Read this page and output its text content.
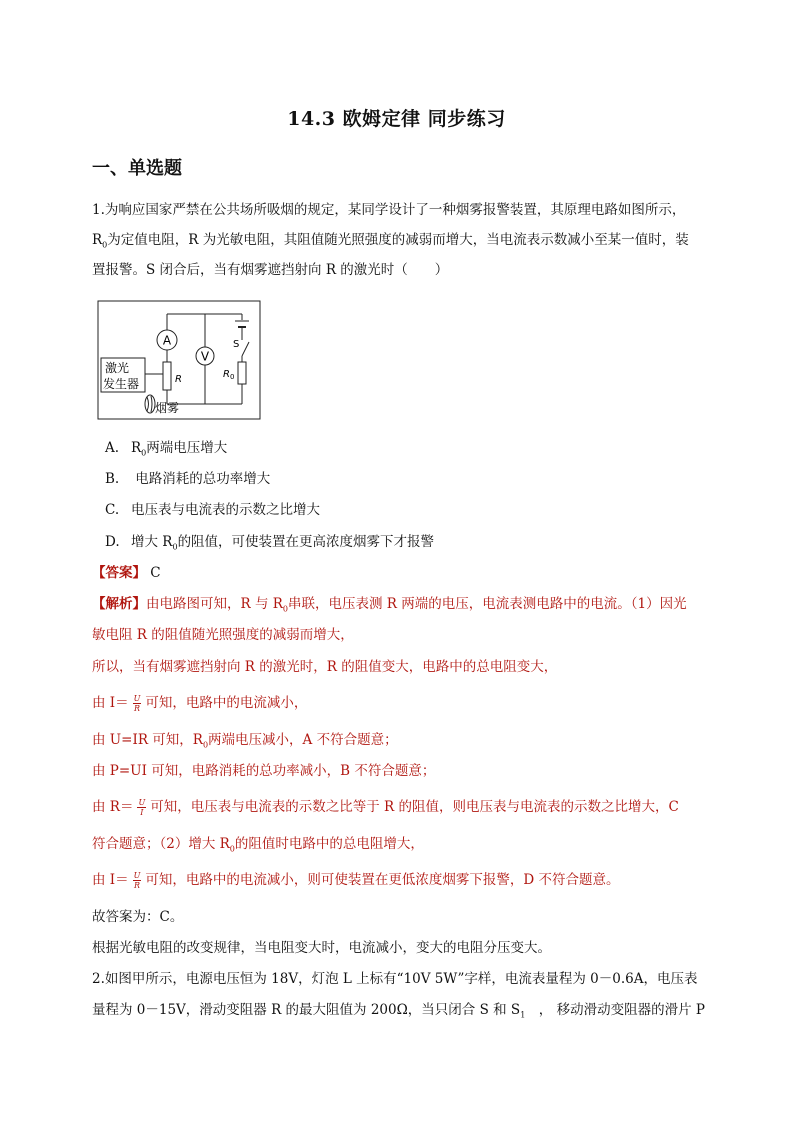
14.3 欧姆定律 同步练习
一、单选题
1.为响应国家严禁在公共场所吸烟的规定，某同学设计了一种烟雾报警装置，其原理电路如图所示，
$R_0$为定值电阻，R 为光敏电阻，其阻值随光照强度的减弱而增大，当电流表示数减小至某一值时，装
置报警。S 闭合后，当有烟雾遮挡射向 R 的激光时（　　）
A
V
R	$R_0$
S
激光
发生器
烟雾
A. $R_0$两端电压增大
B. 电路消耗的总功率增大
C. 电压表与电流表的示数之比增大
D. 增大 $R_0$的阻值，可使装置在更高浓度烟雾下才报警
【答案】 C
【解析】由电路图可知，R 与 $R_0$串联，电压表测 R 两端的电压，电流表测电路中的电流。（1）因光
敏电阻 R 的阻值随光照强度的减弱而增大，
所以，当有烟雾遮挡射向 R 的激光时，R 的阻值变大，电路中的总电阻变大，
由 $I= \frac{U}{R}$ 可知，电路中的电流减小，
由 U=IR 可知，$R_0$两端电压减小，A 不符合题意；
由 P=UI 可知，电路消耗的总功率减小，B 不符合题意；
由 $R= \frac{U}{I}$ 可知，电压表与电流表的示数之比等于 R 的阻值，则电压表与电流表的示数之比增大，C
符合题意；（2）增大 $R_0$的阻值时电路中的总电阻增大，
由 $I= \frac{U}{R}$ 可知，电路中的电流减小，则可使装置在更低浓度烟雾下报警，D 不符合题意。
故答案为：C。
根据光敏电阻的改变规律，当电阻变大时，电流减小，变大的电阻分压变大。
2.如图甲所示，电源电压恒为 18V，灯泡 L 上标有“10V 5W”字样，电流表量程为 0－0.6A，电压表
量程为 0－15V，滑动变阻器 R 的最大阻值为 200Ω，当只闭合 S 和 $S_1$　， 移动滑动变阻器的滑片 P
